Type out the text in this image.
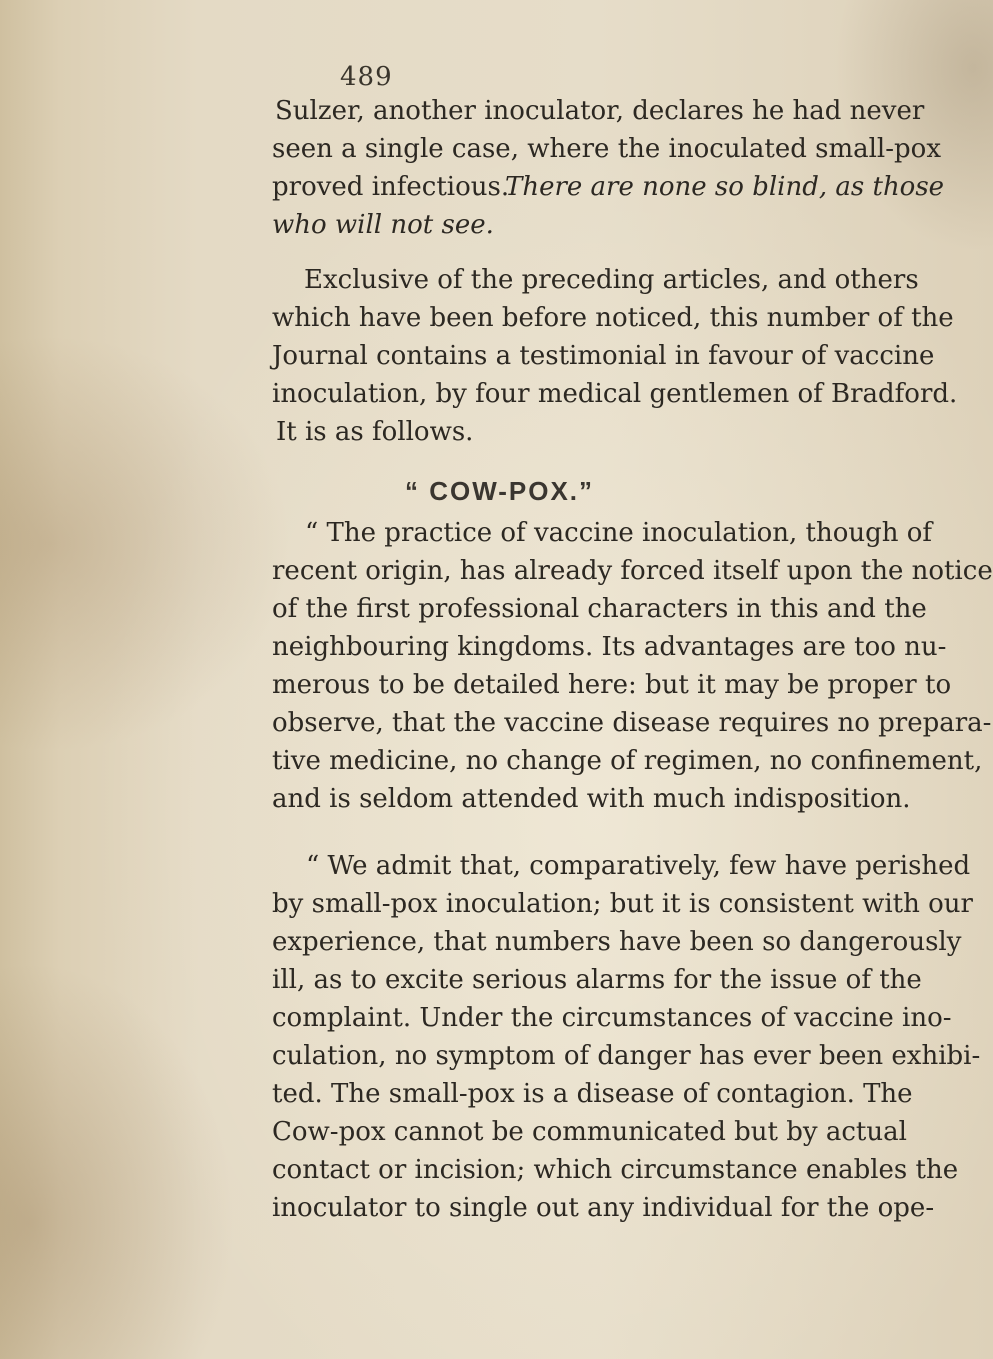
489
Sulzer, another inoculator, declares he had never
seen a single case, where the inoculated small-pox
proved infectious.
There are none so blind, as those
who will not see.
Exclusive of the preceding articles, and others
which have been before noticed, this number of the
Journal contains a testimonial in favour of vaccine
inoculation, by four medical gentlemen of Bradford.
It is as follows.
“ COW-POX.”
“ The practice of vaccine inoculation, though of
recent origin, has already forced itself upon the notice
of the first professional characters in this and the
neighbouring kingdoms. Its advantages are too nu-
merous to be detailed here: but it may be proper to
observe, that the vaccine disease requires no prepara-
tive medicine, no change of regimen, no confinement,
and is seldom attended with much indisposition.
“ We admit that, comparatively, few have perished
by small-pox inoculation; but it is consistent with our
experience, that numbers have been so dangerously
ill, as to excite serious alarms for the issue of the
complaint. Under the circumstances of vaccine ino-
culation, no symptom of danger has ever been exhibi-
ted. The small-pox is a disease of contagion. The
Cow-pox cannot be communicated but by actual
contact or incision; which circumstance enables the
inoculator to single out any individual for the ope-
